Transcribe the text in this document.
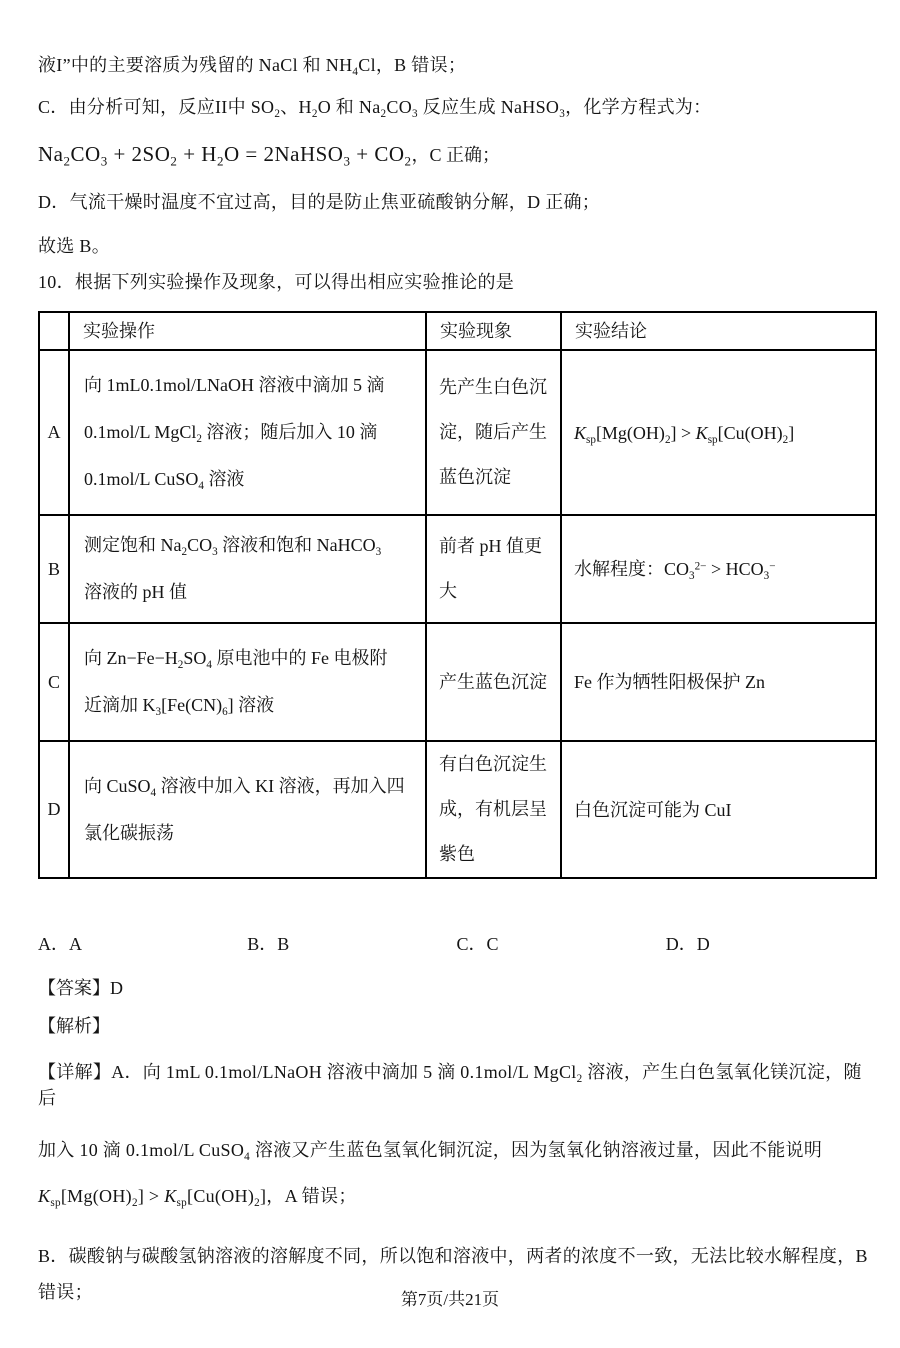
液I”中的主要溶质为残留的 NaCl 和 $NH_4Cl$，B 错误；
C．由分析可知，反应II中 $SO_2$、$H_2O$ 和 $Na_2CO_3$ 反应生成 NaHSO$_3$，化学方程式为：
$Na_2CO_3 + 2SO_2 + H_2O$ = 2NaHSO$_3$ + $CO_2$，C 正确；
D．气流干燥时温度不宜过高，目的是防止焦亚硫酸钠分解，D 正确；
故选 B。
10．根据下列实验操作及现象，可以得出相应实验推论的是
	实验操作	实验现象	实验结论
A	向 1mL0.1mol/LNaOH 溶液中滴加 5 滴
0.1mol/L MgCl$_2$ 溶液；随后加入 10 滴
0.1mol/L CuSO$_4$ 溶液	先产生白色沉
淀，随后产生
蓝色沉淀	$K_{sp}[Mg(OH)_2] > K_{sp}[Cu(OH)_2]$
B	测定饱和 $Na_2CO_3$ 溶液和饱和 NaHCO$_3$
溶液的 pH 值	前者 pH 值更
大	水解程度：$CO_3^{2-} > HCO_3^-$
C	向 $Zn-Fe-H_2SO_4$ 原电池中的 Fe 电极附
近滴加 $K_3[Fe(CN)_6]$ 溶液	产生蓝色沉淀	Fe 作为牺牲阳极保护 Zn
D	向 CuSO$_4$ 溶液中加入 KI 溶液，再加入四
氯化碳振荡	有白色沉淀生
成，有机层呈
紫色	白色沉淀可能为 CuI
A．A	B．B	C．C	D．D
【答案】D
【解析】
【详解】A．向 1mL 0.1mol/LNaOH 溶液中滴加 5 滴 0.1mol/L MgCl$_2$ 溶液，产生白色氢氧化镁沉淀，随后
加入 10 滴 0.1mol/L CuSO$_4$ 溶液又产生蓝色氢氧化铜沉淀，因为氢氧化钠溶液过量，因此不能说明
$K_{sp}[Mg(OH)_2] > K_{sp}[Cu(OH)_2]$，A 错误；
B．碳酸钠与碳酸氢钠溶液的溶解度不同，所以饱和溶液中，两者的浓度不一致，无法比较水解程度，B
错误；	第7页/共21页
